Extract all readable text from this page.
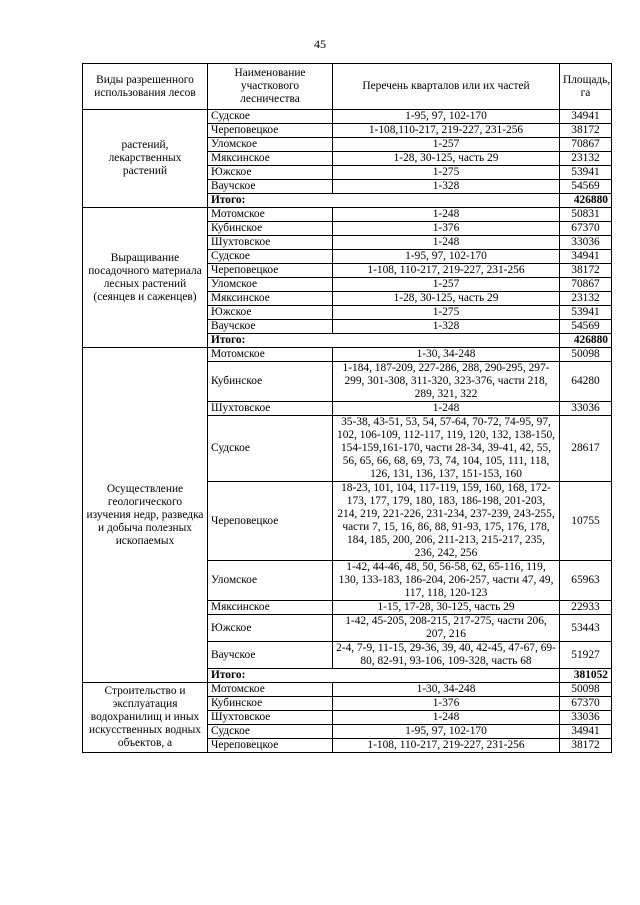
45
Виды разрешенного использования лесов	Наименование участкового лесничества	Перечень кварталов или их частей	Площадь, га
растений, лекарственных растений	Судское	1-95, 97, 102-170	34941
	Череповецкое	1-108,110-217, 219-227, 231-256	38172
	Уломское	1-257	70867
	Мяксинское	1-28, 30-125, часть 29	23132
	Южское	1-275	53941
	Ваучское	1-328	54569
	Итого:		426880
Выращивание посадочного материала лесных растений (сеянцев и саженцев)	Мотомское	1-248	50831
	Кубинское	1-376	67370
	Шухтовское	1-248	33036
	Судское	1-95, 97, 102-170	34941
	Череповецкое	1-108, 110-217, 219-227, 231-256	38172
	Уломское	1-257	70867
	Мяксинское	1-28, 30-125, часть 29	23132
	Южское	1-275	53941
	Ваучское	1-328	54569
	Итого:		426880
Осуществление геологического изучения недр, разведка и добыча полезных ископаемых	Мотомское	1-30, 34-248	50098
	Кубинское	1-184, 187-209, 227-286, 288, 290-295, 297-299, 301-308, 311-320, 323-376, части 218, 289, 321, 322	64280
	Шухтовское	1-248	33036
	Судское	35-38, 43-51, 53, 54, 57-64, 70-72, 74-95, 97, 102, 106-109, 112-117, 119, 120, 132, 138-150, 154-159,161-170, части 28-34, 39-41, 42, 55, 56, 65, 66, 68, 69, 73, 74, 104, 105, 111, 118, 126, 131, 136, 137, 151-153, 160	28617
	Череповецкое	18-23, 101, 104, 117-119, 159, 160, 168, 172-173, 177, 179, 180, 183, 186-198, 201-203, 214, 219, 221-226, 231-234, 237-239, 243-255, части 7, 15, 16, 86, 88, 91-93, 175, 176, 178, 184, 185, 200, 206, 211-213, 215-217, 235, 236, 242, 256	10755
	Уломское	1-42, 44-46, 48, 50, 56-58, 62, 65-116, 119, 130, 133-183, 186-204, 206-257, части 47, 49, 117, 118, 120-123	65963
	Мяксинское	1-15, 17-28, 30-125, часть 29	22933
	Южское	1-42, 45-205, 208-215, 217-275, части 206, 207, 216	53443
	Ваучское	2-4, 7-9, 11-15, 29-36, 39, 40, 42-45, 47-67, 69-80, 82-91, 93-106, 109-328, часть 68	51927
	Итого:		381052
Строительство и эксплуатация водохранилищ и иных искусственных водных объектов, а	Мотомское	1-30, 34-248	50098
	Кубинское	1-376	67370
	Шухтовское	1-248	33036
	Судское	1-95, 97, 102-170	34941
	Череповецкое	1-108, 110-217, 219-227, 231-256	38172
